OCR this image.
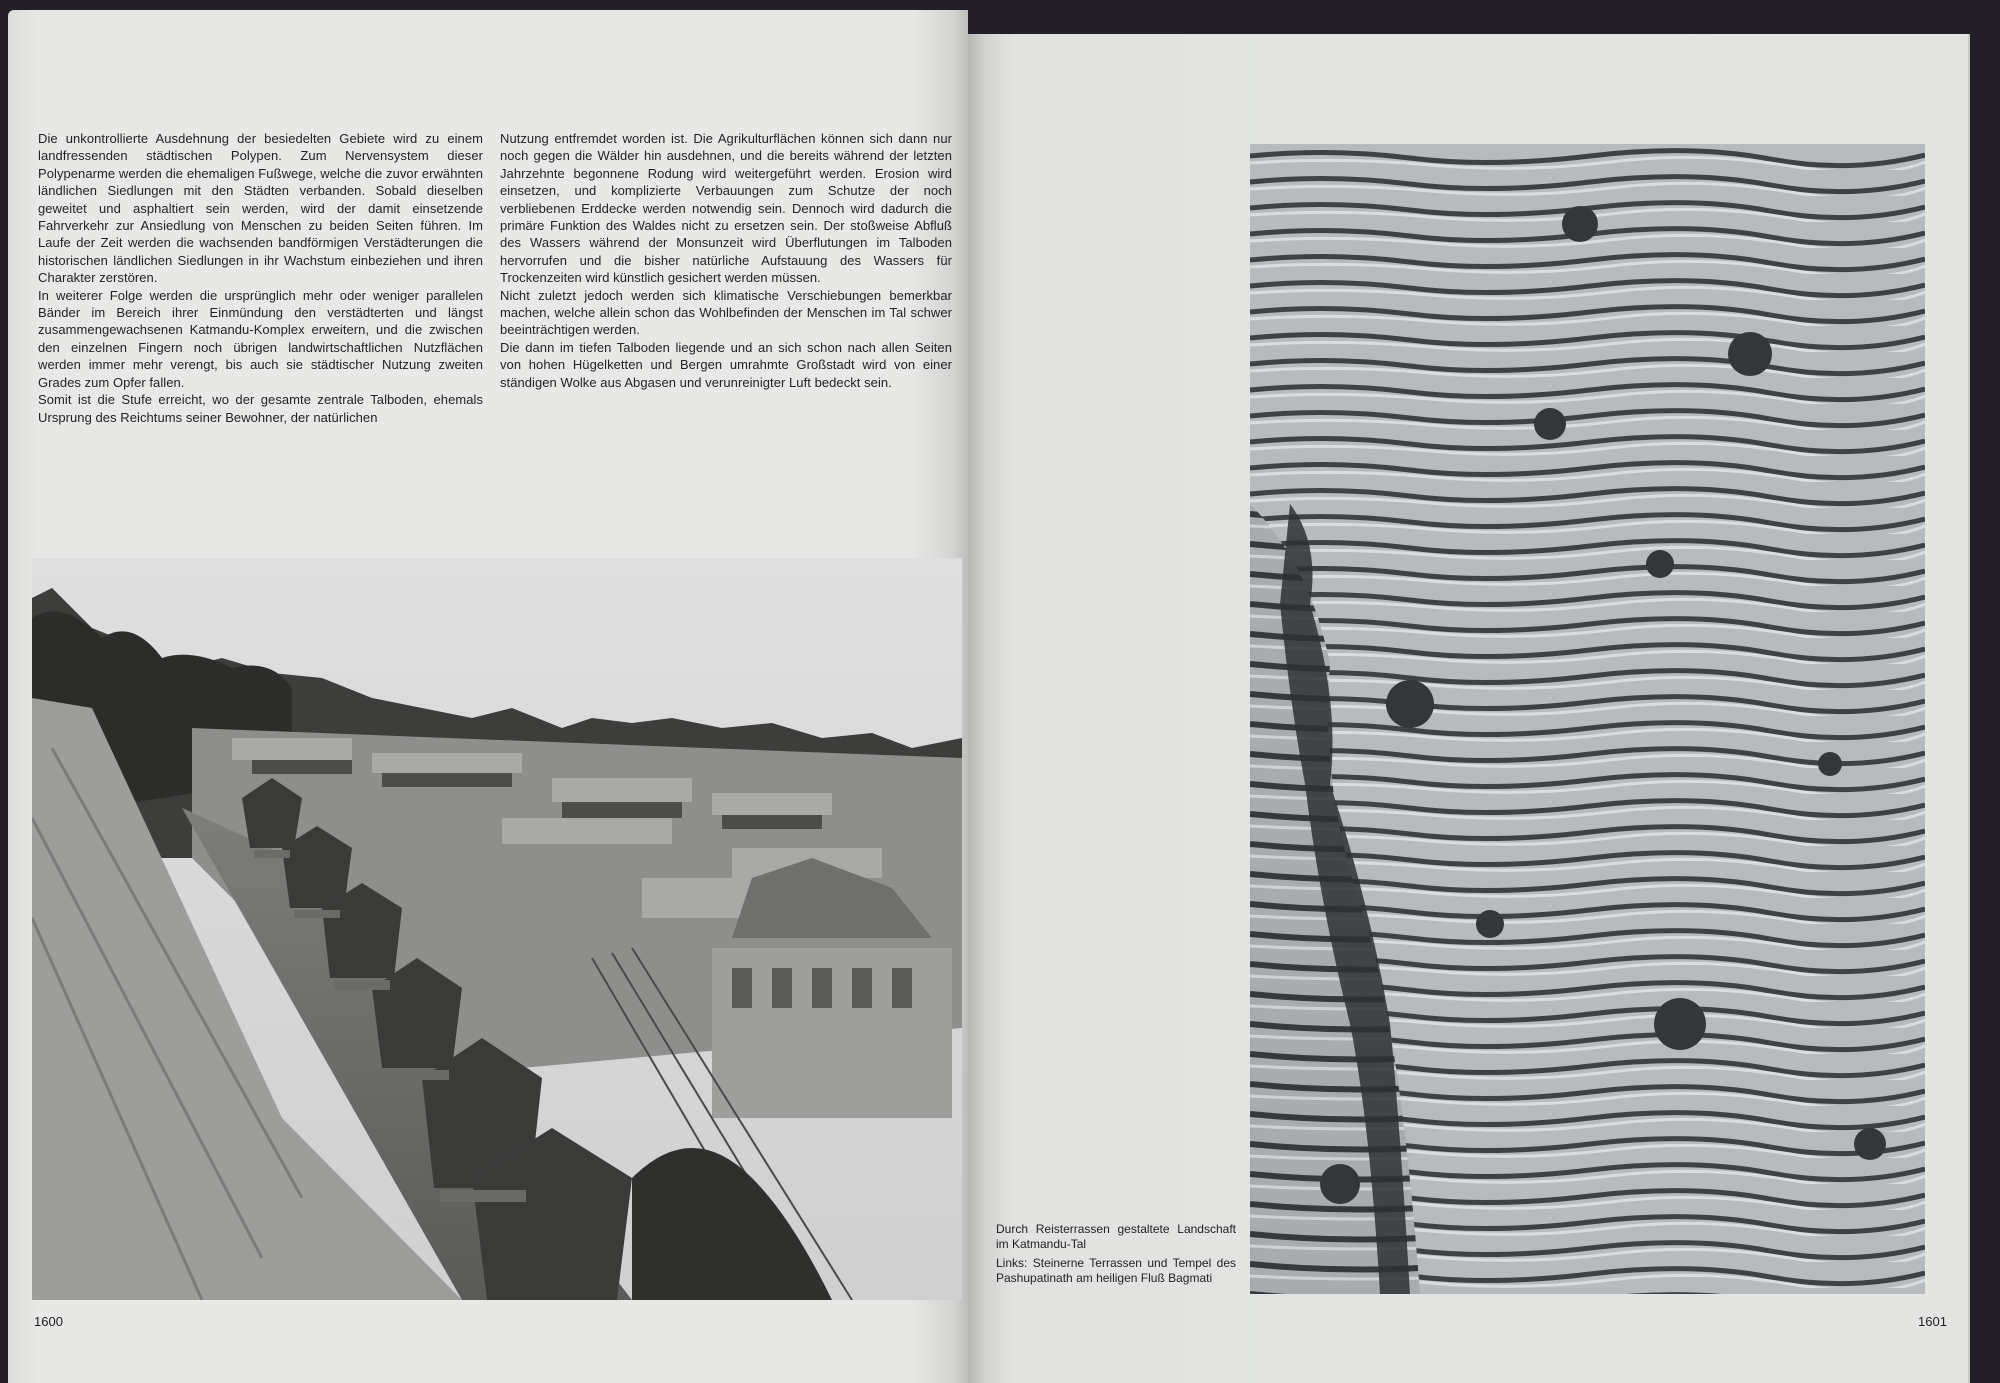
Die unkontrollierte Ausdehnung der besiedelten Gebiete wird zu einem landfressenden städtischen Polypen. Zum Nervensystem dieser Polypenarme werden die ehemaligen Fußwege, welche die zuvor erwähnten ländlichen Siedlungen mit den Städten verbanden. Sobald dieselben geweitet und asphaltiert sein werden, wird der damit einsetzende Fahrverkehr zur Ansiedlung von Menschen zu beiden Seiten führen. Im Laufe der Zeit werden die wachsenden bandförmigen Verstädterungen die historischen ländlichen Siedlungen in ihr Wachstum einbeziehen und ihren Charakter zerstören.

In weiterer Folge werden die ursprünglich mehr oder weniger parallelen Bänder im Bereich ihrer Einmündung den verstädterten und längst zusammengewachsenen Katmandu-Komplex erweitern, und die zwischen den einzelnen Fingern noch übrigen landwirtschaftlichen Nutzflächen werden immer mehr verengt, bis auch sie städtischer Nutzung zweiten Grades zum Opfer fallen.

Somit ist die Stufe erreicht, wo der gesamte zentrale Talboden, ehemals Ursprung des Reichtums seiner Bewohner, der natürlichen

Nutzung entfremdet worden ist. Die Agrikulturflächen können sich dann nur noch gegen die Wälder hin ausdehnen, und die bereits während der letzten Jahrzehnte begonnene Rodung wird weitergeführt werden. Erosion wird einsetzen, und komplizierte Verbauungen zum Schutze der noch verbliebenen Erddecke werden notwendig sein. Dennoch wird dadurch die primäre Funktion des Waldes nicht zu ersetzen sein. Der stoßweise Abfluß des Wassers während der Monsunzeit wird Überflutungen im Talboden hervorrufen und die bisher natürliche Aufstauung des Wassers für Trockenzeiten wird künstlich gesichert werden müssen.

Nicht zuletzt jedoch werden sich klimatische Verschiebungen bemerkbar machen, welche allein schon das Wohlbefinden der Menschen im Tal schwer beeinträchtigen werden.

Die dann im tiefen Talboden liegende und an sich schon nach allen Seiten von hohen Hügelketten und Bergen umrahmte Großstadt wird von einer ständigen Wolke aus Abgasen und verunreinigter Luft bedeckt sein.

Durch Reisterrassen gestaltete Landschaft im Katmandu-Tal
Links: Steinerne Terrassen und Tempel des Pashupatinath am heiligen Fluß Bagmati
1600	1601
